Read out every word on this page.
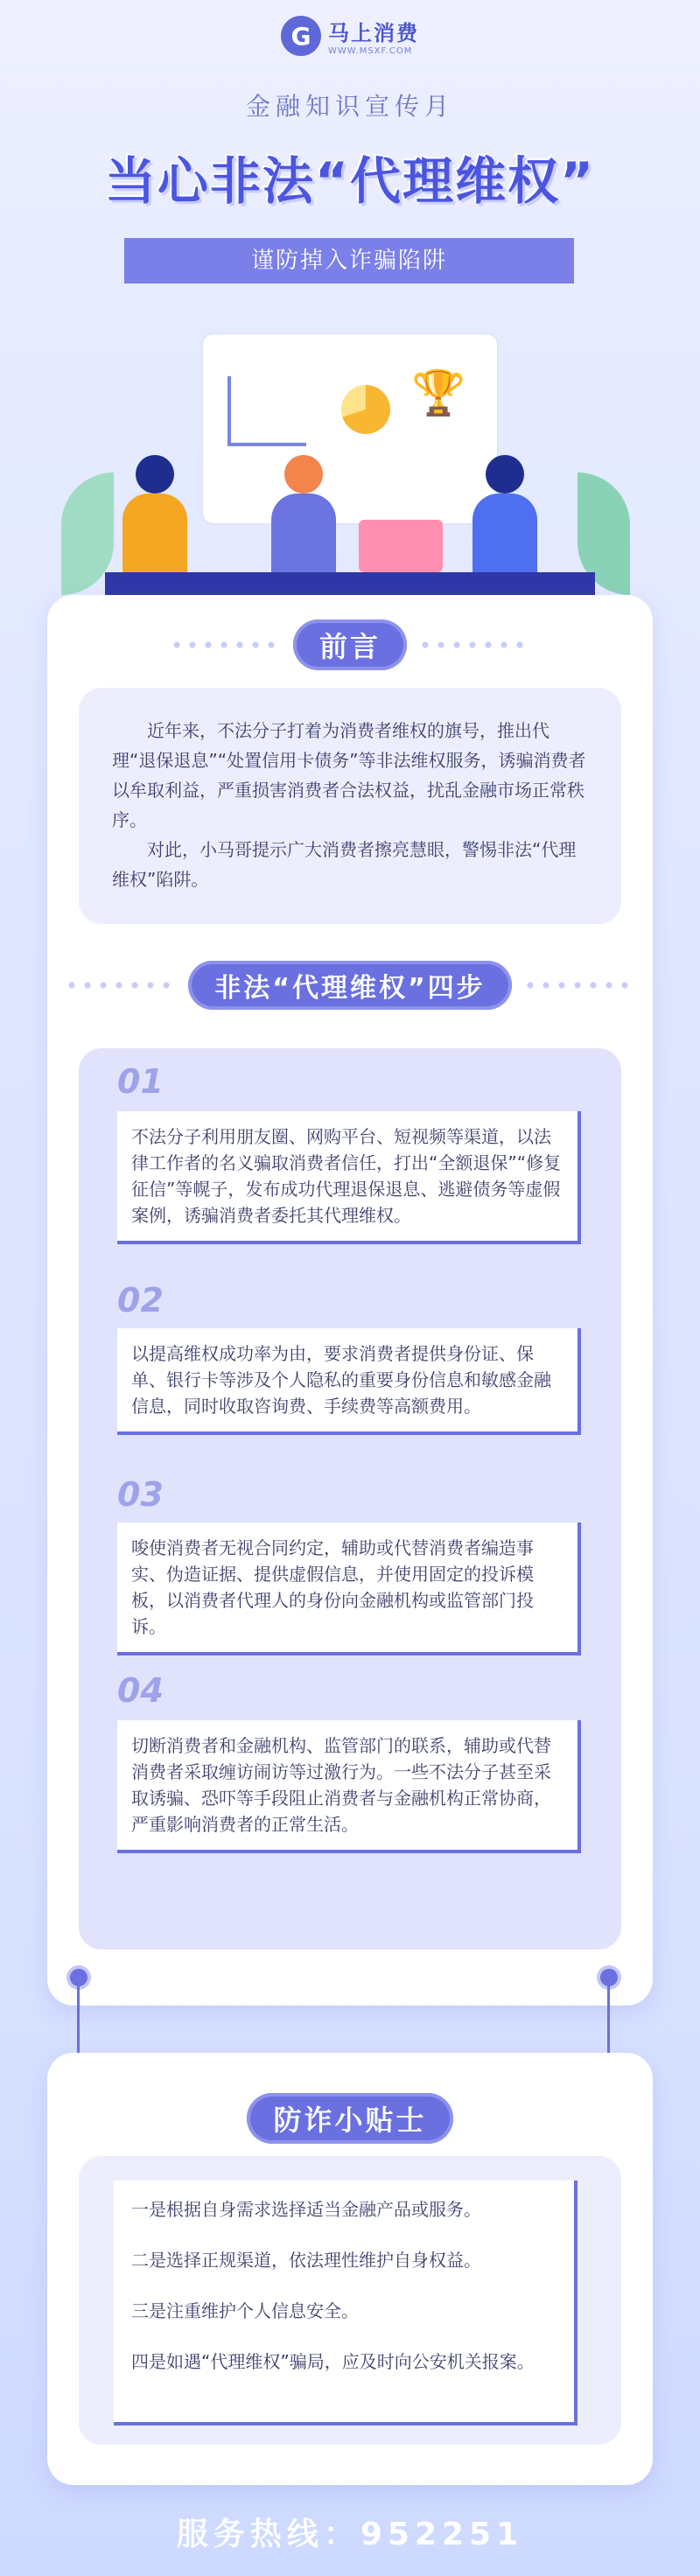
G 马上消费
WWW.MSXF.COM
金融知识宣传月
当心非法“代理维权”
谨防掉入诈骗陷阱
🏆
前言

近年来，不法分子打着为消费者维权的旗号，推出代理“退保退息”“处置信用卡债务”等非法维权服务，诱骗消费者以牟取利益，严重损害消费者合法权益，扰乱金融市场正常秩序。

对此，小马哥提示广大消费者擦亮慧眼，警惕非法“代理维权”陷阱。

非法“代理维权”四步
01

不法分子利用朋友圈、网购平台、短视频等渠道，以法律工作者的名义骗取消费者信任，打出“全额退保”“修复征信”等幌子，发布成功代理退保退息、逃避债务等虚假案例，诱骗消费者委托其代理维权。

02

以提高维权成功率为由，要求消费者提供身份证、保单、银行卡等涉及个人隐私的重要身份信息和敏感金融信息，同时收取咨询费、手续费等高额费用。

03

唆使消费者无视合同约定，辅助或代替消费者编造事实、伪造证据、提供虚假信息，并使用固定的投诉模板，以消费者代理人的身份向金融机构或监管部门投诉。

04

切断消费者和金融机构、监管部门的联系，辅助或代替消费者采取缠访闹访等过激行为。一些不法分子甚至采取诱骗、恐吓等手段阻止消费者与金融机构正常协商，严重影响消费者的正常生活。

防诈小贴士

一是根据自身需求选择适当金融产品或服务。

二是选择正规渠道，依法理性维护自身权益。

三是注重维护个人信息安全。

四是如遇“代理维权”骗局，应及时向公安机关报案。

服务热线：952251
